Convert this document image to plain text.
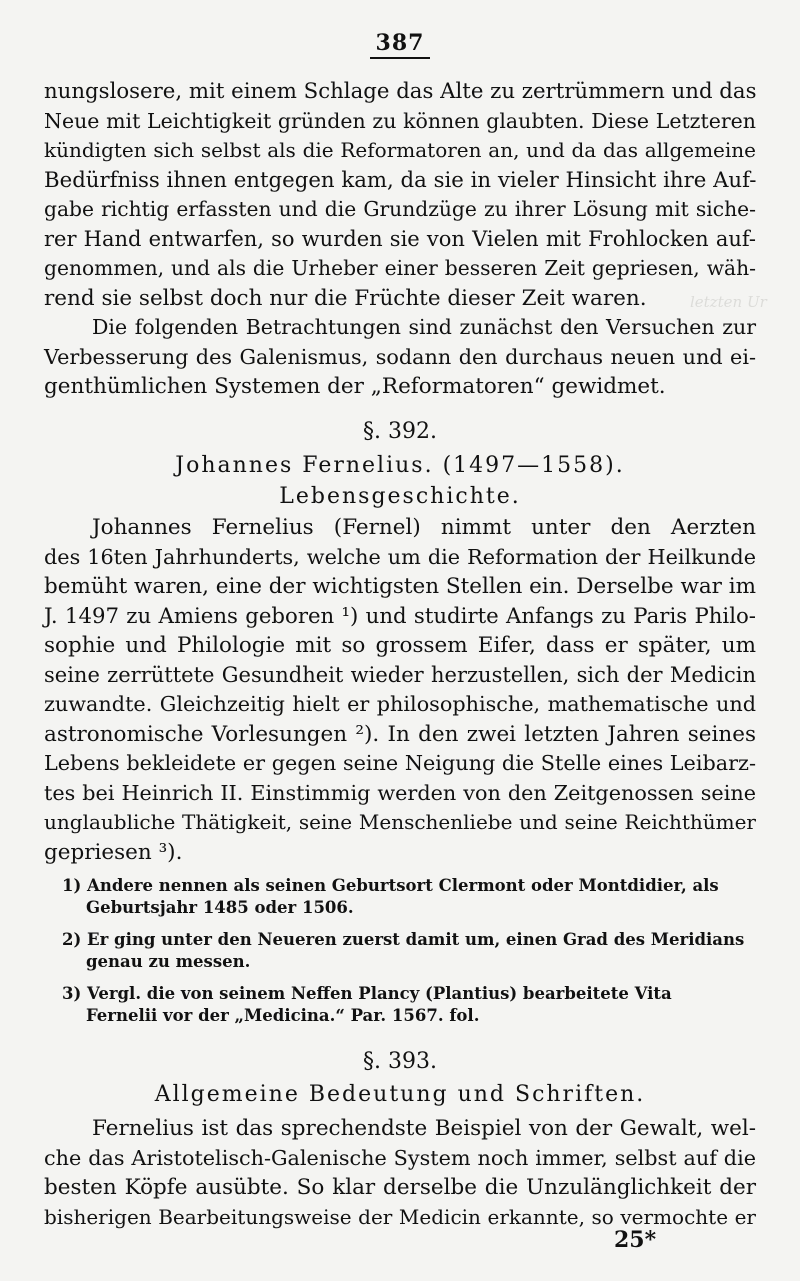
387
letzten Ur
nungslosere, mit einem Schlage das Alte zu zertrümmern und das
Neue mit Leichtigkeit gründen zu können glaubten. Diese Letzteren
kündigten sich selbst als die Reformatoren an, und da das allgemeine
Bedürfniss ihnen entgegen kam, da sie in vieler Hinsicht ihre Auf-
gabe richtig erfassten und die Grundzüge zu ihrer Lösung mit siche-
rer Hand entwarfen, so wurden sie von Vielen mit Frohlocken auf-
genommen, und als die Urheber einer besseren Zeit gepriesen, wäh-
rend sie selbst doch nur die Früchte dieser Zeit waren.
Die folgenden Betrachtungen sind zunächst den Versuchen zur
Verbesserung des Galenismus, sodann den durchaus neuen und ei-
genthümlichen Systemen der „Reformatoren“ gewidmet.
§. 392.
Johannes Fernelius. (1497—1558).
Lebensgeschichte.
Johannes Fernelius (Fernel) nimmt unter den Aerzten
des 16ten Jahrhunderts, welche um die Reformation der Heilkunde
bemüht waren, eine der wichtigsten Stellen ein. Derselbe war im
J. 1497 zu Amiens geboren ¹) und studirte Anfangs zu Paris Philo-
sophie und Philologie mit so grossem Eifer, dass er später, um
seine zerrüttete Gesundheit wieder herzustellen, sich der Medicin
zuwandte. Gleichzeitig hielt er philosophische, mathematische und
astronomische Vorlesungen ²). In den zwei letzten Jahren seines
Lebens bekleidete er gegen seine Neigung die Stelle eines Leibarz-
tes bei Heinrich II. Einstimmig werden von den Zeitgenossen seine
unglaubliche Thätigkeit, seine Menschenliebe und seine Reichthümer
gepriesen ³).
1) Andere nennen als seinen Geburtsort Clermont oder Montdidier, als
Geburtsjahr 1485 oder 1506.
2) Er ging unter den Neueren zuerst damit um, einen Grad des Meridians
genau zu messen.
3) Vergl. die von seinem Neffen Plancy (Plantius) bearbeitete Vita
Fernelii vor der „Medicina.“ Par. 1567. fol.
§. 393.
Allgemeine Bedeutung und Schriften.
Fernelius ist das sprechendste Beispiel von der Gewalt, wel-
che das Aristotelisch-Galenische System noch immer, selbst auf die
besten Köpfe ausübte. So klar derselbe die Unzulänglichkeit der
bisherigen Bearbeitungsweise der Medicin erkannte, so vermochte er
25*
